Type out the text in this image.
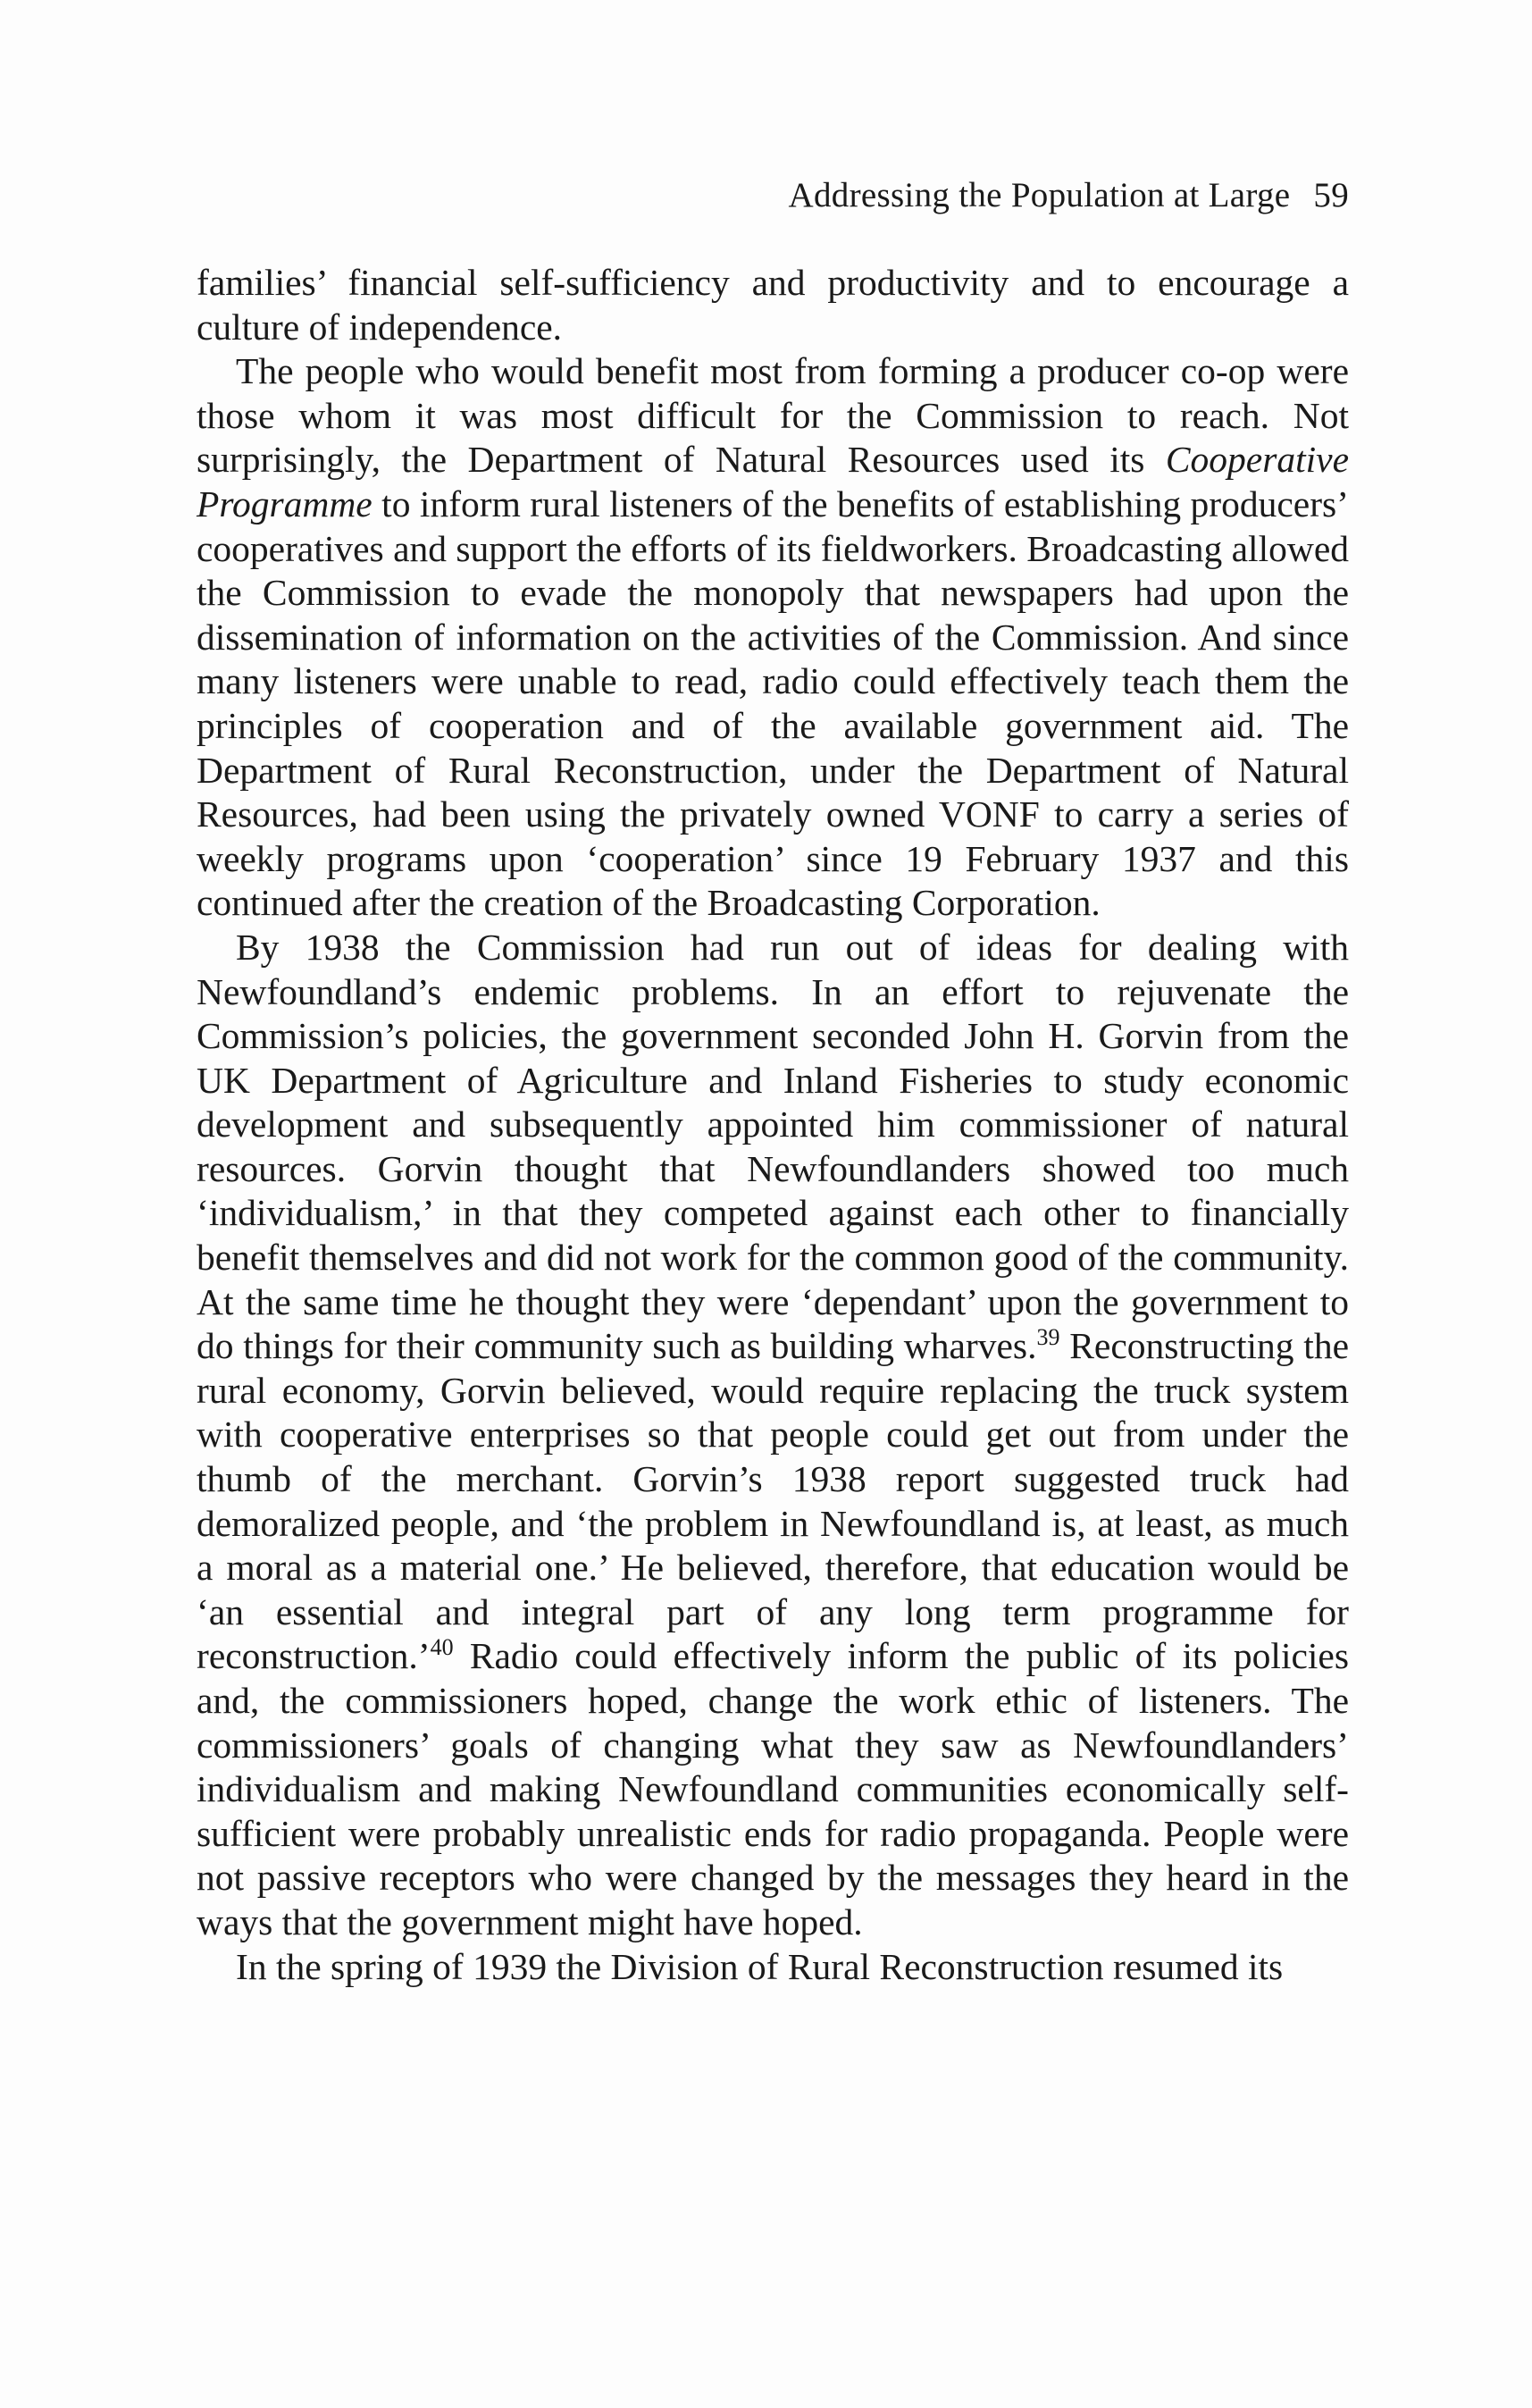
Addressing the Population at Large 59

families’ financial self-sufficiency and productivity and to encourage a culture of independence.

The people who would benefit most from forming a producer co-op were those whom it was most difficult for the Commission to reach. Not surprisingly, the Department of Natural Resources used its Cooperative Programme to inform rural listeners of the benefits of establishing producers’ cooperatives and support the efforts of its fieldworkers. Broadcasting allowed the Commission to evade the monopoly that newspapers had upon the dissemination of information on the activities of the Commission. And since many listeners were unable to read, radio could effectively teach them the principles of cooperation and of the available government aid. The Department of Rural Reconstruction, under the Department of Natural Resources, had been using the privately owned VONF to carry a series of weekly programs upon ‘cooperation’ since 19 February 1937 and this continued after the creation of the Broadcasting Corporation.

By 1938 the Commission had run out of ideas for dealing with Newfoundland’s endemic problems. In an effort to rejuvenate the Commission’s policies, the government seconded John H. Gorvin from the UK Department of Agriculture and Inland Fisheries to study economic development and subsequently appointed him commissioner of natural resources. Gorvin thought that Newfoundlanders showed too much ‘individualism,’ in that they competed against each other to financially benefit themselves and did not work for the common good of the community. At the same time he thought they were ‘dependant’ upon the government to do things for their community such as building wharves.$^{39}$ Reconstructing the rural economy, Gorvin believed, would require replacing the truck system with cooperative enterprises so that people could get out from under the thumb of the merchant. Gorvin’s 1938 report suggested truck had demoralized people, and ‘the problem in Newfoundland is, at least, as much a moral as a material one.’ He believed, therefore, that education would be ‘an essential and integral part of any long term programme for reconstruction.’$^{40}$ Radio could effectively inform the public of its policies and, the commissioners hoped, change the work ethic of listeners. The commissioners’ goals of changing what they saw as Newfoundlanders’ individualism and making Newfoundland communities economically self-sufficient were probably unrealistic ends for radio propaganda. People were not passive receptors who were changed by the messages they heard in the ways that the government might have hoped.

In the spring of 1939 the Division of Rural Reconstruction resumed its
